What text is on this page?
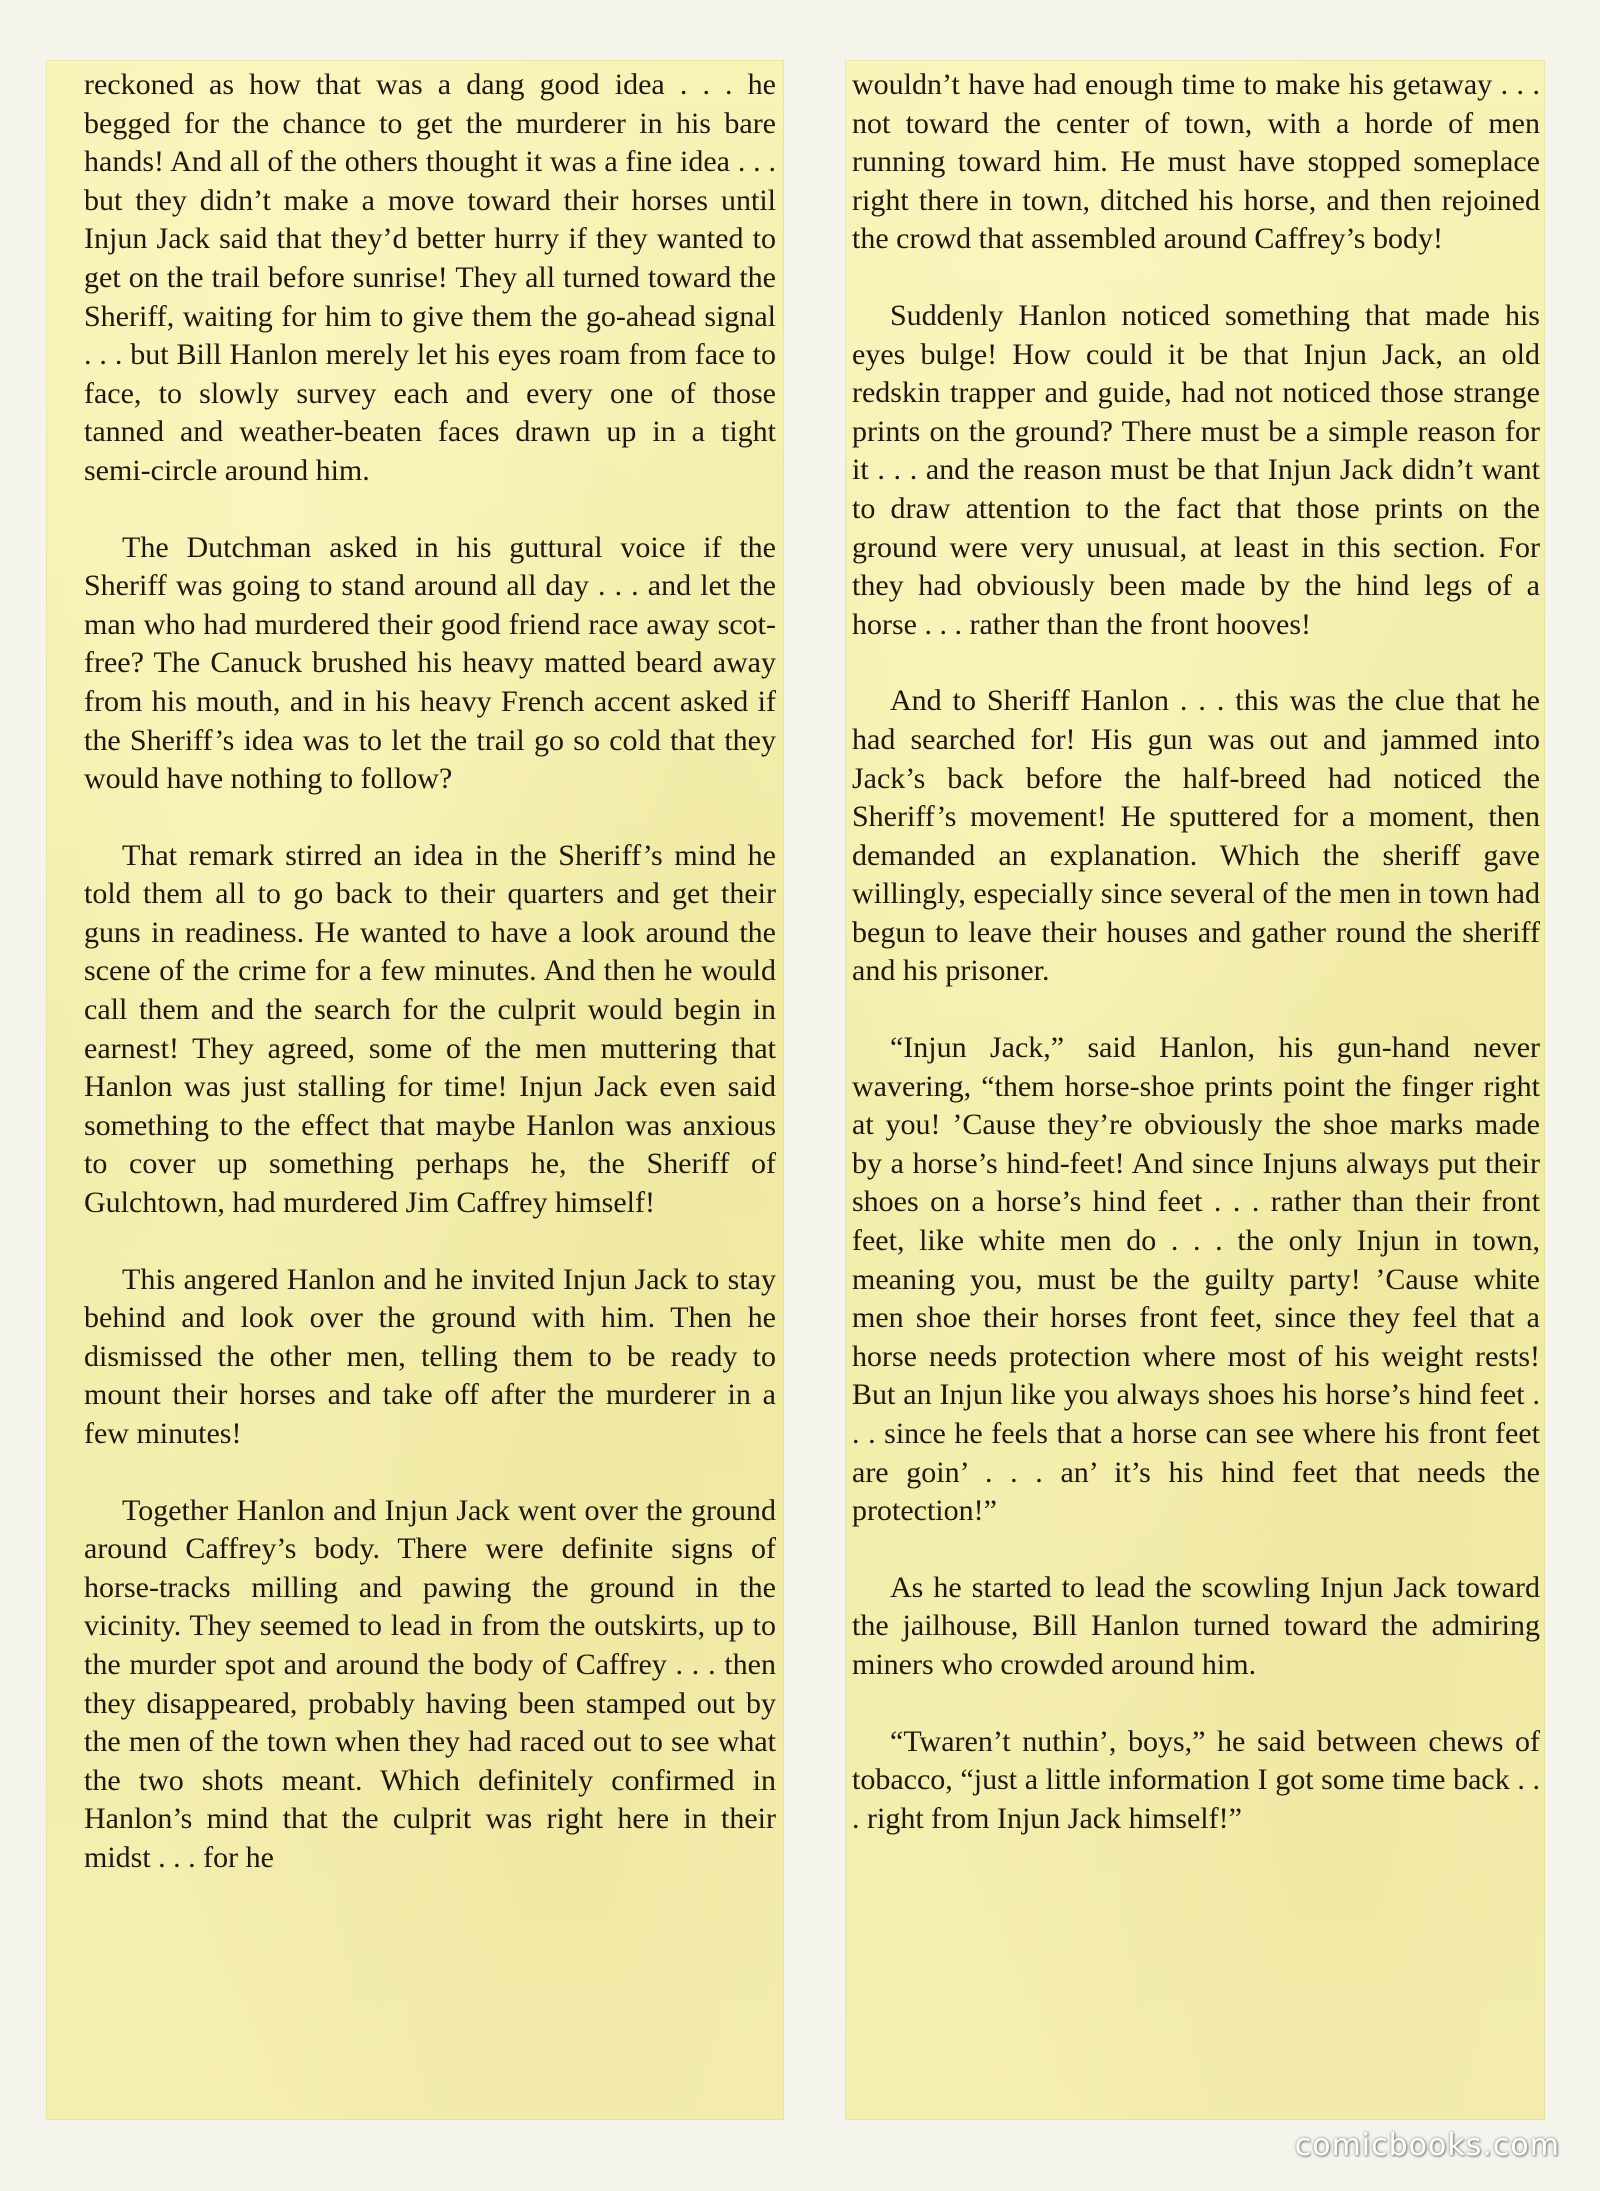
reckoned as how that was a dang good idea . . . he begged for the chance to get the murderer in his bare hands! And all of the others thought it was a fine idea . . . but they didn’t make a move toward their horses until Injun Jack said that they’d better hurry if they wanted to get on the trail before sunrise! They all turned toward the Sheriff, waiting for him to give them the go-ahead signal . . . but Bill Hanlon merely let his eyes roam from face to face, to slowly survey each and every one of those tanned and weather-beaten faces drawn up in a tight semi-circle around him.

The Dutchman asked in his guttural voice if the Sheriff was going to stand around all day . . . and let the man who had murdered their good friend race away scot-free? The Canuck brushed his heavy matted beard away from his mouth, and in his heavy French accent asked if the Sheriff’s idea was to let the trail go so cold that they would have nothing to follow?

That remark stirred an idea in the Sheriff’s mind he told them all to go back to their quarters and get their guns in readiness. He wanted to have a look around the scene of the crime for a few minutes. And then he would call them and the search for the culprit would begin in earnest! They agreed, some of the men muttering that Hanlon was just stalling for time! Injun Jack even said something to the effect that maybe Hanlon was anxious to cover up something perhaps he, the Sheriff of Gulchtown, had murdered Jim Caffrey himself!

This angered Hanlon and he invited Injun Jack to stay behind and look over the ground with him. Then he dismissed the other men, telling them to be ready to mount their horses and take off after the murderer in a few minutes!

Together Hanlon and Injun Jack went over the ground around Caffrey’s body. There were definite signs of horse-tracks milling and pawing the ground in the vicinity. They seemed to lead in from the outskirts, up to the murder spot and around the body of Caffrey . . . then they disappeared, probably having been stamped out by the men of the town when they had raced out to see what the two shots meant. Which definitely confirmed in Hanlon’s mind that the culprit was right here in their midst . . . for he

wouldn’t have had enough time to make his getaway . . . not toward the center of town, with a horde of men running toward him. He must have stopped someplace right there in town, ditched his horse, and then rejoined the crowd that assembled around Caffrey’s body!

Suddenly Hanlon noticed something that made his eyes bulge! How could it be that Injun Jack, an old redskin trapper and guide, had not noticed those strange prints on the ground? There must be a simple reason for it . . . and the reason must be that Injun Jack didn’t want to draw attention to the fact that those prints on the ground were very unusual, at least in this section. For they had obviously been made by the hind legs of a horse . . . rather than the front hooves!

And to Sheriff Hanlon . . . this was the clue that he had searched for! His gun was out and jammed into Jack’s back before the half-breed had noticed the Sheriff’s movement! He sputtered for a moment, then demanded an explanation. Which the sheriff gave willingly, especially since several of the men in town had begun to leave their houses and gather round the sheriff and his prisoner.

“Injun Jack,” said Hanlon, his gun-hand never wavering, “them horse-shoe prints point the finger right at you! ’Cause they’re obviously the shoe marks made by a horse’s hind-feet! And since Injuns always put their shoes on a horse’s hind feet . . . rather than their front feet, like white men do . . . the only Injun in town, meaning you, must be the guilty party! ’Cause white men shoe their horses front feet, since they feel that a horse needs protection where most of his weight rests! But an Injun like you always shoes his horse’s hind feet . . . since he feels that a horse can see where his front feet are goin’ . . . an’ it’s his hind feet that needs the protection!”

As he started to lead the scowling Injun Jack toward the jailhouse, Bill Hanlon turned toward the admiring miners who crowded around him.

“Twaren’t nuthin’, boys,” he said between chews of tobacco, “just a little information I got some time back . . . right from Injun Jack himself!”

comicbooks.com
